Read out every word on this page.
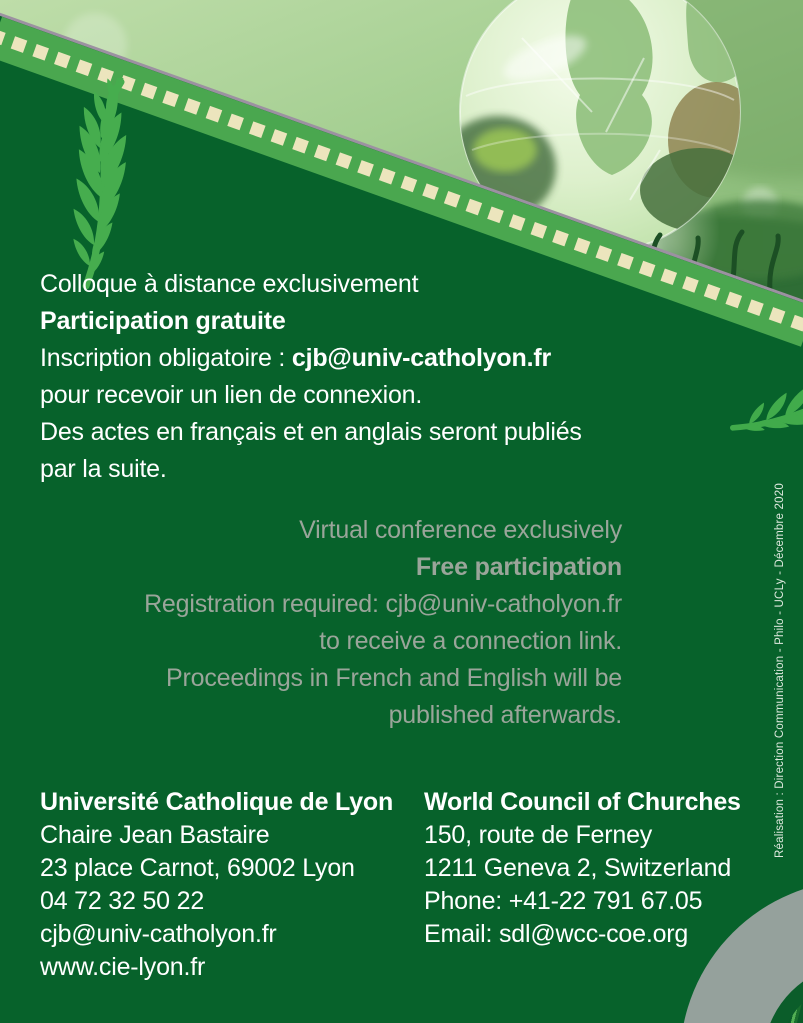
Colloque à distance exclusivement
Participation gratuite
Inscription obligatoire : cjb@univ-catholyon.fr
pour recevoir un lien de connexion.
Des actes en français et en anglais seront publiés
par la suite.
Virtual conference exclusively
Free participation
Registration required: cjb@univ-catholyon.fr
to receive a connection link.
Proceedings in French and English will be
published afterwards.	Réalisation : Direction Communication - Philo - UCLy - Décembre 2020
Université Catholique de Lyon
Chaire Jean Bastaire
23 place Carnot, 69002 Lyon
04 72 32 50 22
cjb@univ-catholyon.fr
www.cie-lyon.fr
World Council of Churches
150, route de Ferney
1211 Geneva 2, Switzerland
Phone: +41-22 791 67.05
Email: sdl@wcc-coe.org
